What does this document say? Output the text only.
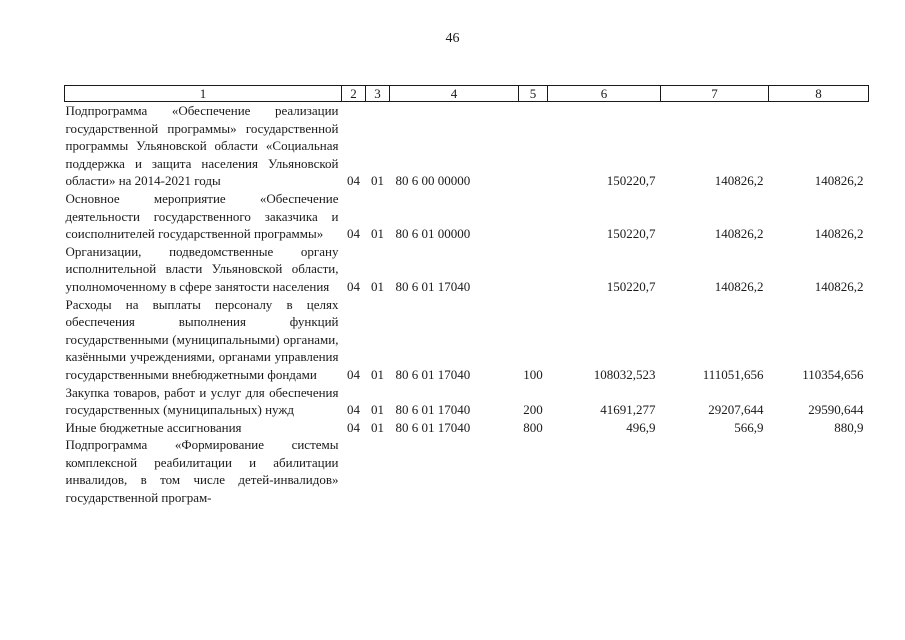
46
1	2	3	4	5	6	7	8
Подпрограмма «Обеспечение реализации государственной программы» государственной программы Ульяновской области «Социальная поддержка и защита населения Ульяновской области» на 2014-2021 годы	04	01	80 6 00 00000		150220,7	140826,2	140826,2
Основное мероприятие «Обеспечение деятельности государственного заказчика и соисполнителей государственной программы»	04	01	80 6 01 00000		150220,7	140826,2	140826,2
Организации, подведомственные органу исполнительной власти Ульяновской области, уполномоченному в сфере занятости населения	04	01	80 6 01 17040		150220,7	140826,2	140826,2
Расходы на выплаты персоналу в целях обеспечения выполнения функций государственными (муниципальными) органами, казёнными учреждениями, органами управления государственными внебюджетными фондами	04	01	80 6 01 17040	100	108032,523	111051,656	110354,656
Закупка товаров, работ и услуг для обеспечения государственных (муниципальных) нужд	04	01	80 6 01 17040	200	41691,277	29207,644	29590,644
Иные бюджетные ассигнования	04	01	80 6 01 17040	800	496,9	566,9	880,9
Подпрограмма «Формирование системы комплексной реабилитации и абилитации инвалидов, в том числе детей-инвалидов» государственной програм-							
